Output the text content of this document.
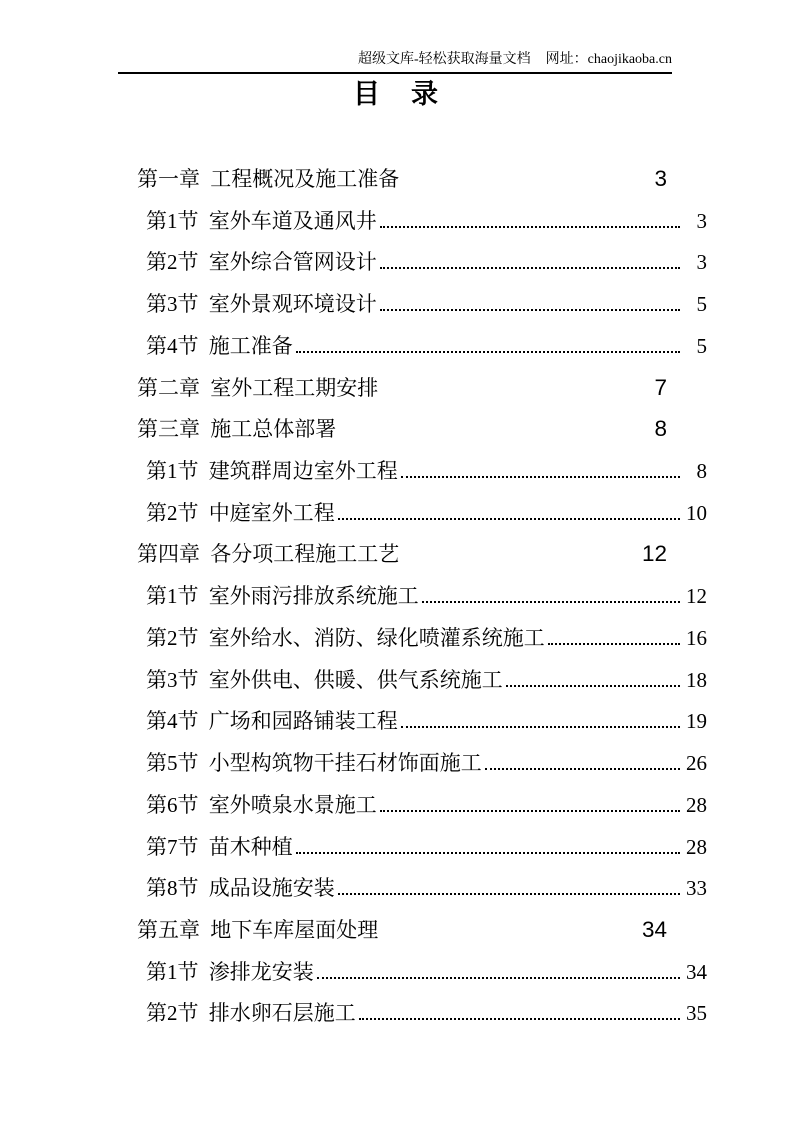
超级文库-轻松获取海量文档 网址：chaojikaoba.cn
目　录
第一章 工程概况及施工准备	3
第1节 室外车道及通风井	3
第2节 室外综合管网设计	3
第3节 室外景观环境设计	5
第4节 施工准备	5
第二章 室外工程工期安排	7
第三章 施工总体部署	8
第1节 建筑群周边室外工程	8
第2节 中庭室外工程	10
第四章 各分项工程施工工艺	12
第1节 室外雨污排放系统施工	12
第2节 室外给水、消防、绿化喷灌系统施工	16
第3节 室外供电、供暖、供气系统施工	18
第4节 广场和园路铺装工程	19
第5节 小型构筑物干挂石材饰面施工	26
第6节 室外喷泉水景施工	28
第7节 苗木种植	28
第8节 成品设施安装	33
第五章 地下车库屋面处理	34
第1节 渗排龙安装	34
第2节 排水卵石层施工	35
